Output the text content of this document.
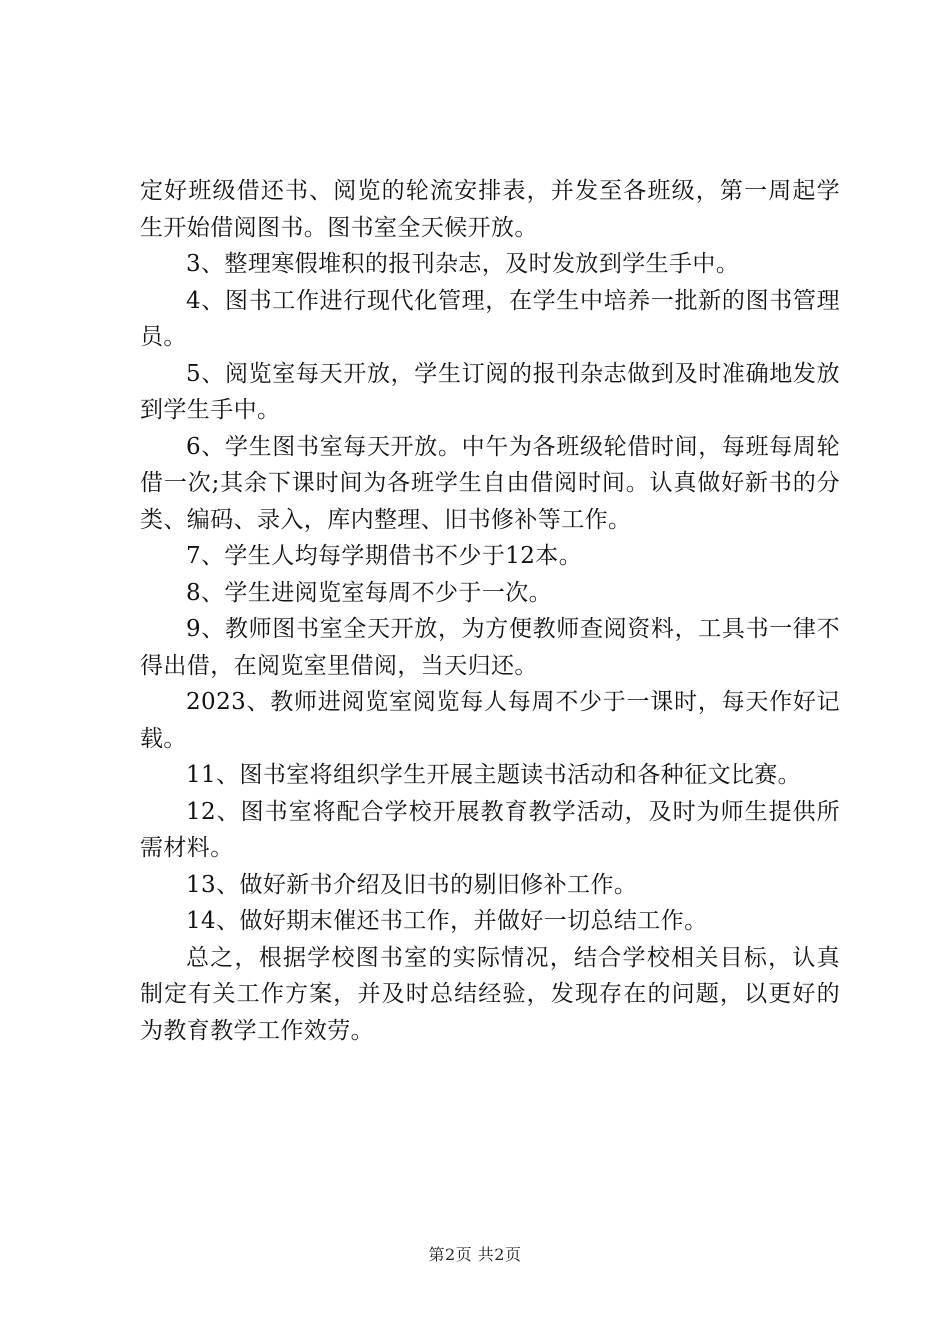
定好班级借还书、阅览的轮流安排表，并发至各班级，第一周起学生开始借阅图书。图书室全天候开放。

3、整理寒假堆积的报刊杂志，及时发放到学生手中。

4、图书工作进行现代化管理，在学生中培养一批新的图书管理员。

5、阅览室每天开放，学生订阅的报刊杂志做到及时准确地发放到学生手中。

6、学生图书室每天开放。中午为各班级轮借时间，每班每周轮借一次;其余下课时间为各班学生自由借阅时间。认真做好新书的分类、编码、录入，库内整理、旧书修补等工作。

7、学生人均每学期借书不少于12本。

8、学生进阅览室每周不少于一次。

9、教师图书室全天开放，为方便教师查阅资料，工具书一律不得出借，在阅览室里借阅，当天归还。

2023、教师进阅览室阅览每人每周不少于一课时，每天作好记载。

11、图书室将组织学生开展主题读书活动和各种征文比赛。

12、图书室将配合学校开展教育教学活动，及时为师生提供所需材料。

13、做好新书介绍及旧书的剔旧修补工作。

14、做好期末催还书工作，并做好一切总结工作。

总之，根据学校图书室的实际情况，结合学校相关目标，认真制定有关工作方案，并及时总结经验，发现存在的问题，以更好的为教育教学工作效劳。

第2页 共2页
